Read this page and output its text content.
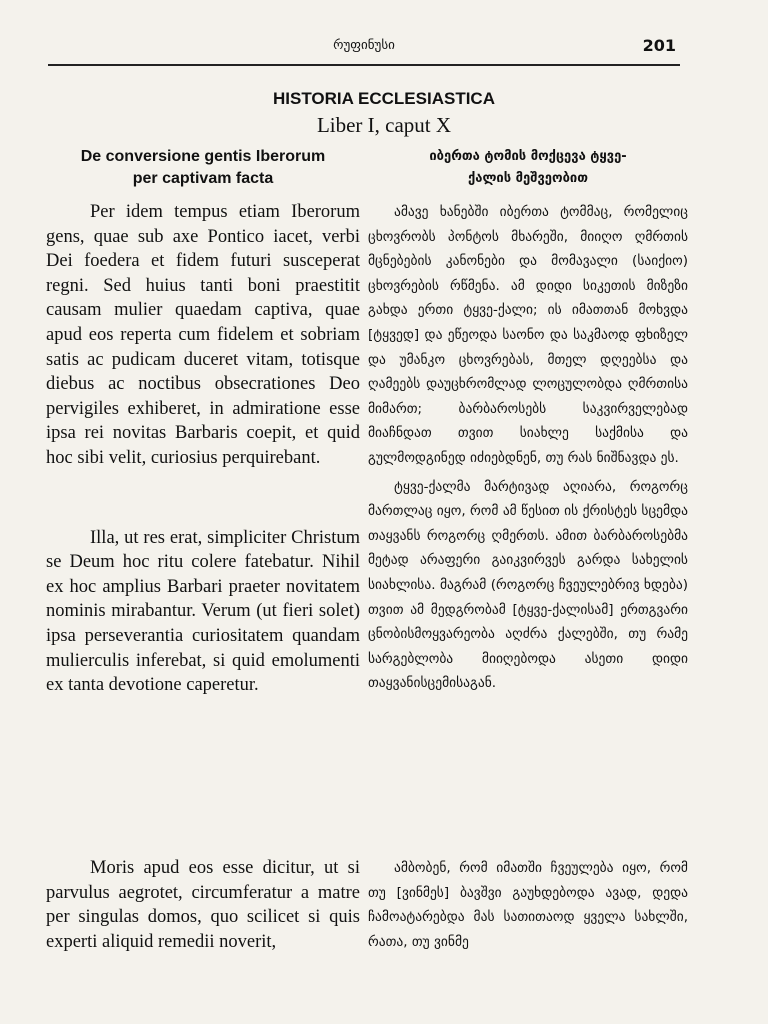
რუფინუსი	201
HISTORIA ECCLESIASTICA
Liber I, caput X

De conversione gentis Iberorum

per captivam facta

Per idem tempus etiam Iberorum gens, quae sub axe Pontico iacet, verbi Dei foedera et fidem futuri susceperat regni. Sed huius tanti boni praestitit causam mulier quaedam captiva, quae apud eos reperta cum fidelem et sobriam satis ac pudicam duceret vitam, totisque diebus ac noctibus obsecrationes Deo pervigiles exhiberet, in admirationе esse ipsa rei novitas Barbaris coepit, et quid hoc sibi velit, curiosius perquirebant.

Illa, ut res erat, simpliciter Christum se Deum hoc ritu colere fatebatur. Nihil ex hoc amplius Barbari praeter novitatem nominis mirabantur. Verum (ut fieri solet) ipsa perseverantia curiositatem quandam mulierculis inferebat, si quid emolumenti ex tanta devotione caperetur.

იბერთა ტომის მოქცევა ტყვე-

ქალის მეშვეობით

ამავე ხანებში იბერთა ტომმაც, რომელიც ცხოვრობს პონტოს მხარეში, მიიღო ღმრთის მცნებების კანონები და მომავალი (საიქიო) ცხოვრების რწმენა. ამ დიდი სიკეთის მიზეზი გახდა ერთი ტყვე-ქალი; ის იმათთან მოხვდა [ტყვედ] და ეწეოდა საონო და საკმაოდ ფხიზელ და უმანკო ცხოვრებას, მთელ დღეებსა და ღამეებს დაუცხრომლად ლოცულობდა ღმრთისა მიმართ; ბარბაროსებს საკვირველებად მიაჩნდათ თვით სიახლე საქმისა და გულმოდგინედ იძიებდნენ, თუ რას ნიშნავდა ეს.

ტყვე-ქალმა მარტივად აღიარა, როგორც მართლაც იყო, რომ ამ წესით ის ქრისტეს სცემდა თაყვანს როგორც ღმერთს. ამით ბარბაროსებმა მეტად არაფერი გაიკვირვეს გარდა სახელის სიახლისა. მაგრამ (როგორც ჩვეულებრივ ხდება) თვით ამ მედგრობამ [ტყვე-ქალისამ] ერთგვარი ცნობისმოყვარეობა აღძრა ქალებში, თუ რამე სარგებლობა მიიღებოდა ასეთი დიდი თაყვანისცემისაგან.

Moris apud eos esse dicitur, ut si parvulus aegrotet, circumferatur a matre per singulas domos, quo scilicet si quis experti aliquid remedii noverit,

ამბობენ, რომ იმათში ჩვეულება იყო, რომ თუ [ვინმეს] ბავშვი გაუხდებოდა ავად, დედა ჩამოატარებდა მას სათითაოდ ყველა სახლში, რათა, თუ ვინმე
